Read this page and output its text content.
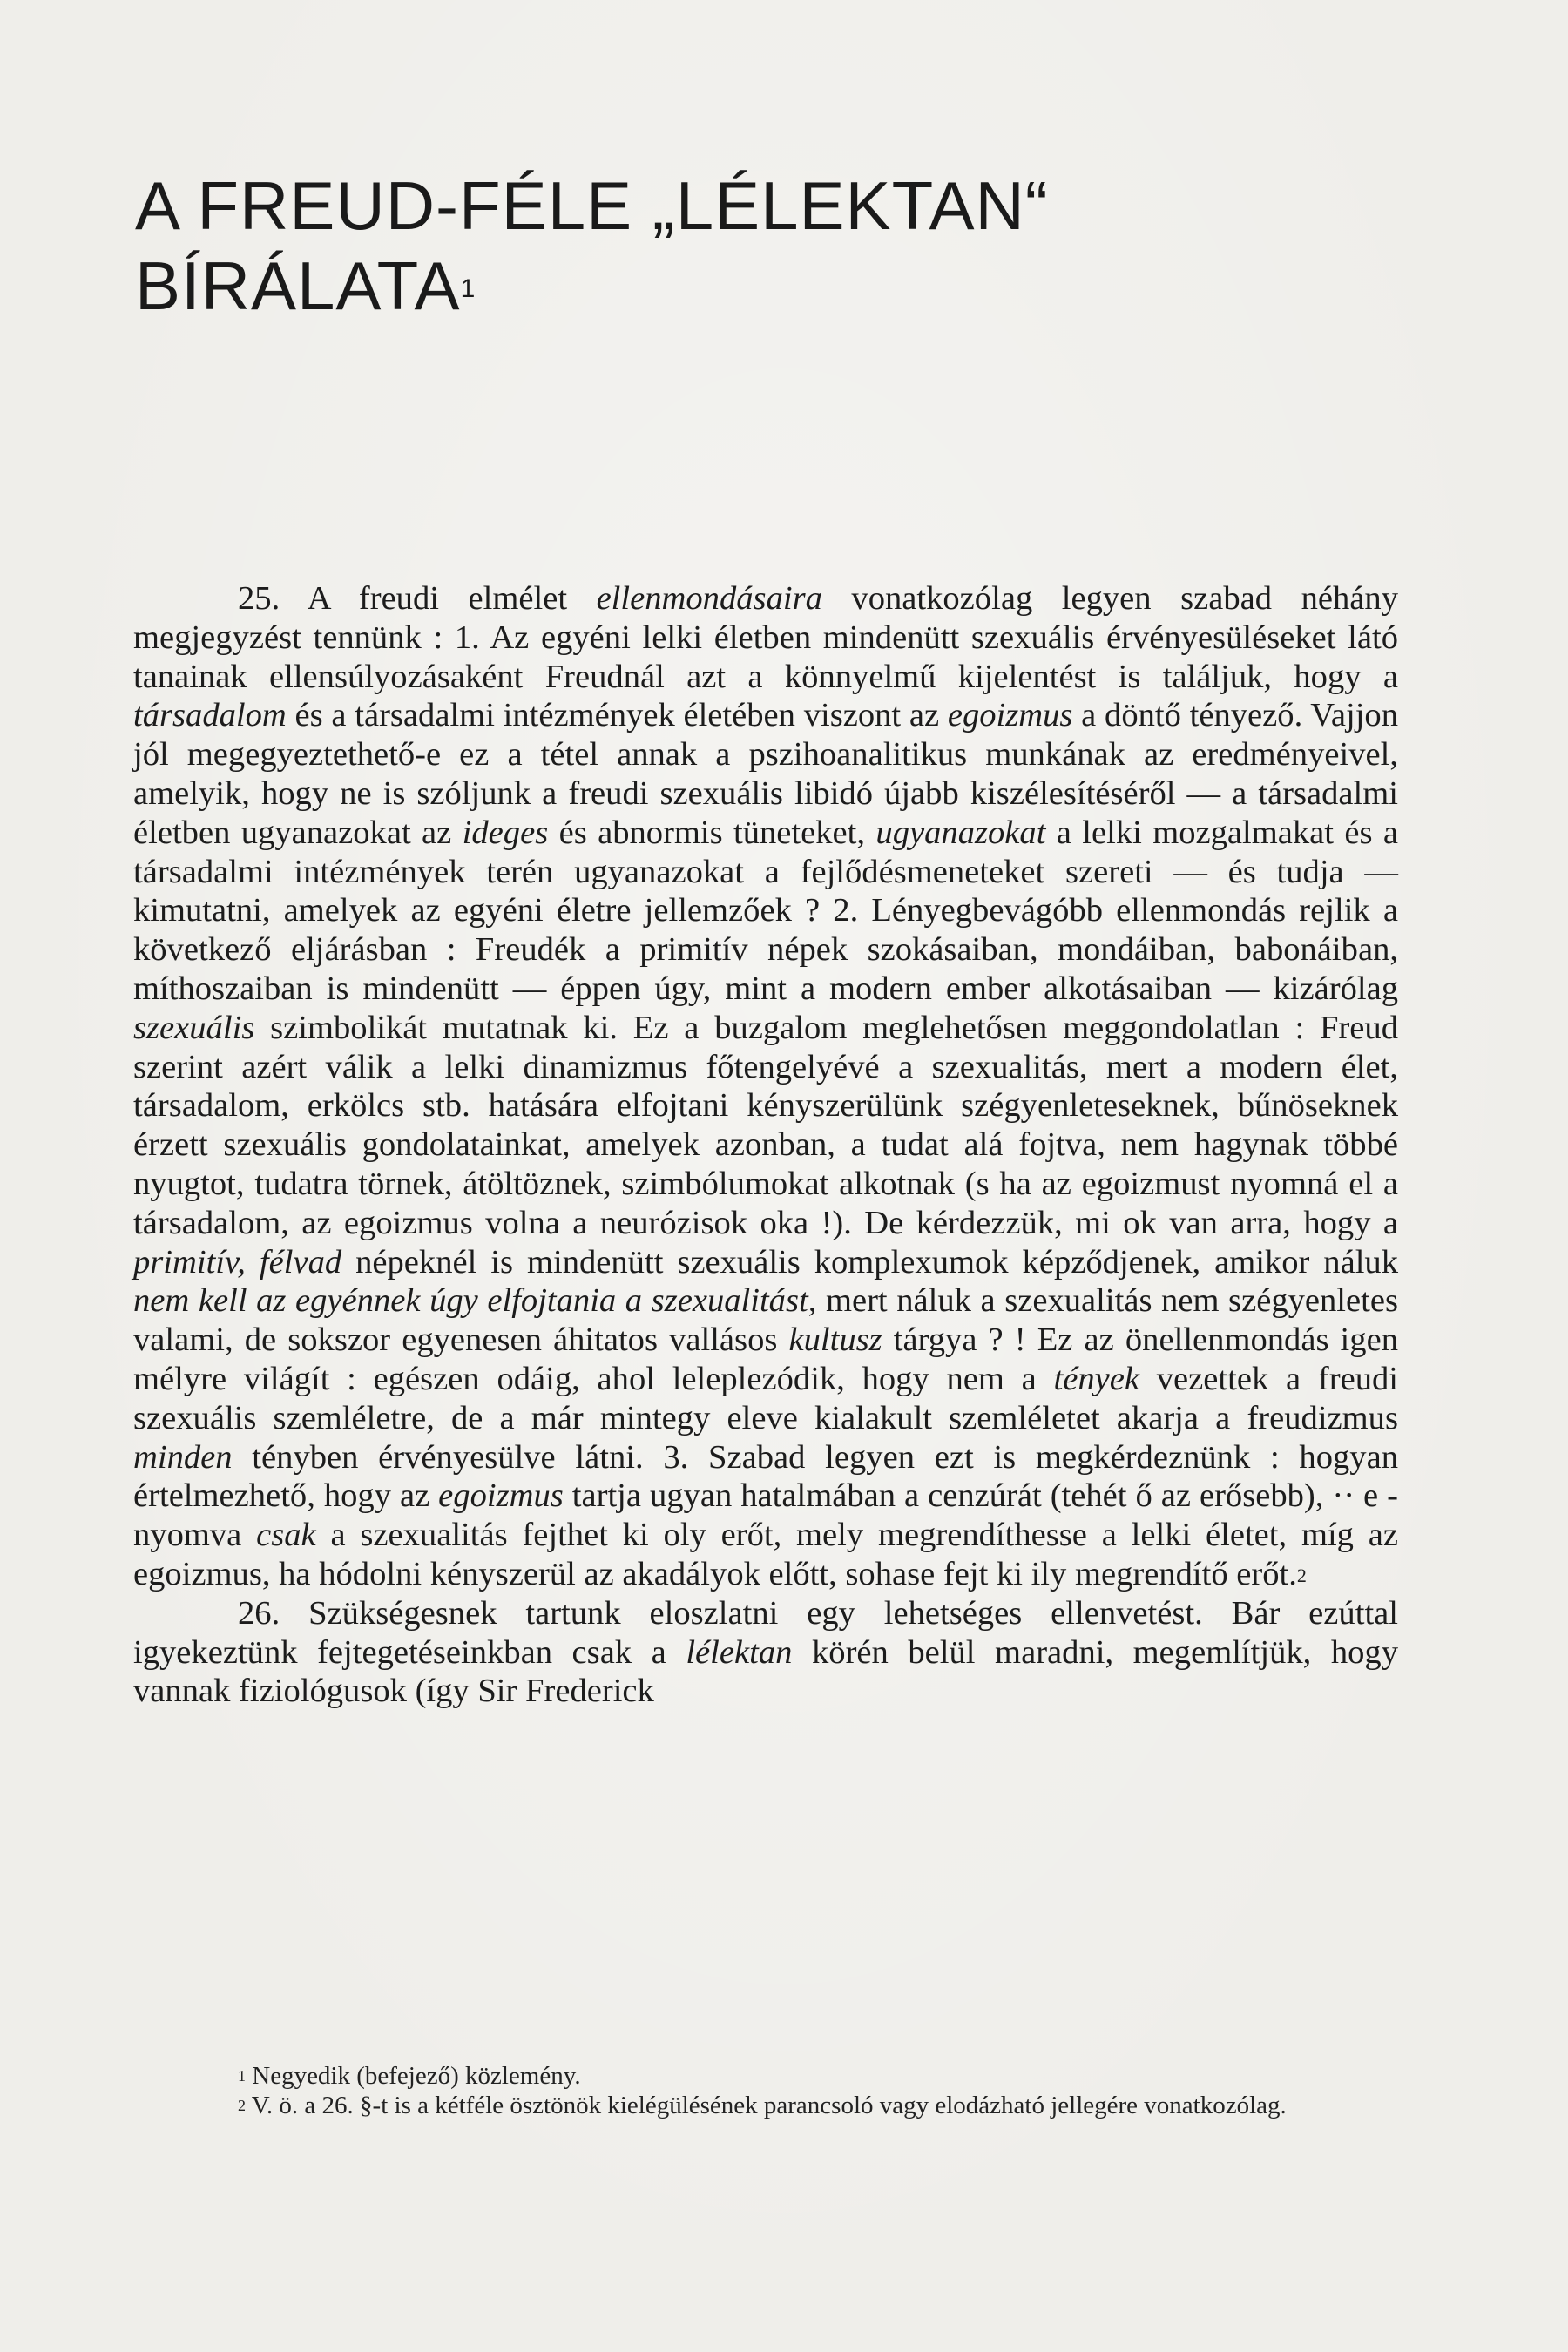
A FREUD-FÉLE „LÉLEKTAN“
BÍRÁLATA$^1$

25. A freudi elmélet ellenmondásaira vonatkozólag legyen szabad néhány megjegyzést tennünk : 1. Az egyéni lelki életben mindenütt szexuális érvényesüléseket látó tanainak ellensúlyozásaként Freudnál azt a könnyelmű kijelentést is találjuk, hogy a társadalom és a társadalmi intézmények életében viszont az egoizmus a döntő tényező. Vajjon jól megegyeztethető-e ez a tétel annak a pszihoanalitikus munkának az eredményeivel, amelyik, hogy ne is szóljunk a freudi szexuális libidó újabb kiszélesítéséről — a társadalmi életben ugyanazokat az ideges és abnormis tüneteket, ugyanazokat a lelki mozgalmakat és a társadalmi intézmények terén ugyanazokat a fejlődésmeneteket szereti — és tudja — kimutatni, amelyek az egyéni életre jellemzőek ? 2. Lényegbevágóbb ellenmondás rejlik a következő eljárásban : Freudék a primitív népek szokásaiban, mondáiban, babonáiban, míthoszaiban is mindenütt — éppen úgy, mint a modern ember alkotásaiban — kizárólag szexuális szimbolikát mutatnak ki. Ez a buzgalom meglehetősen meggondolatlan : Freud szerint azért válik a lelki dinamizmus főtengelyévé a szexualitás, mert a modern élet, társadalom, erkölcs stb. hatására elfojtani kényszerülünk szégyenleteseknek, bűnöseknek érzett szexuális gondolatainkat, amelyek azonban, a tudat alá fojtva, nem hagynak többé nyugtot, tudatra törnek, átöltöznek, szimbólumokat alkotnak (s ha az egoizmust nyomná el a társadalom, az egoizmus volna a neurózisok oka !). De kérdezzük, mi ok van arra, hogy a primitív, félvad népeknél is mindenütt szexuális komplexumok képződjenek, amikor náluk nem kell az egyénnek úgy elfojtania a szexualitást, mert náluk a szexualitás nem szégyenletes valami, de sokszor egyenesen áhitatos vallásos kultusz tárgya ? ! Ez az önellenmondás igen mélyre világít : egészen odáig, ahol leleplezódik, hogy nem a tények vezettek a freudi szexuális szemléletre, de a már mintegy eleve kialakult szemléletet akarja a freudizmus minden tényben érvényesülve látni. 3. Szabad legyen ezt is megkérdeznünk : hogyan értelmezhető, hogy az egoizmus tartja ugyan hatalmában a cenzúrát (tehét ő az erősebb), ·· e - nyomva csak a szexualitás fejthet ki oly erőt, mely megrendíthesse a lelki életet, míg az egoizmus, ha hódolni kényszerül az akadályok előtt, sohase fejt ki ily megrendítő erőt.$^2$

26. Szükségesnek tartunk eloszlatni egy lehetséges ellenvetést. Bár ezúttal igyekeztünk fejtegetéseinkban csak a lélektan körén belül maradni, megemlítjük, hogy vannak fiziológusok (így Sir Frederick

$^1$ Negyedik (befejező) közlemény.

$^2$ V. ö. a 26. §-t is a kétféle ösztönök kielégülésének parancsoló vagy elodázható jellegére vonatkozólag.
